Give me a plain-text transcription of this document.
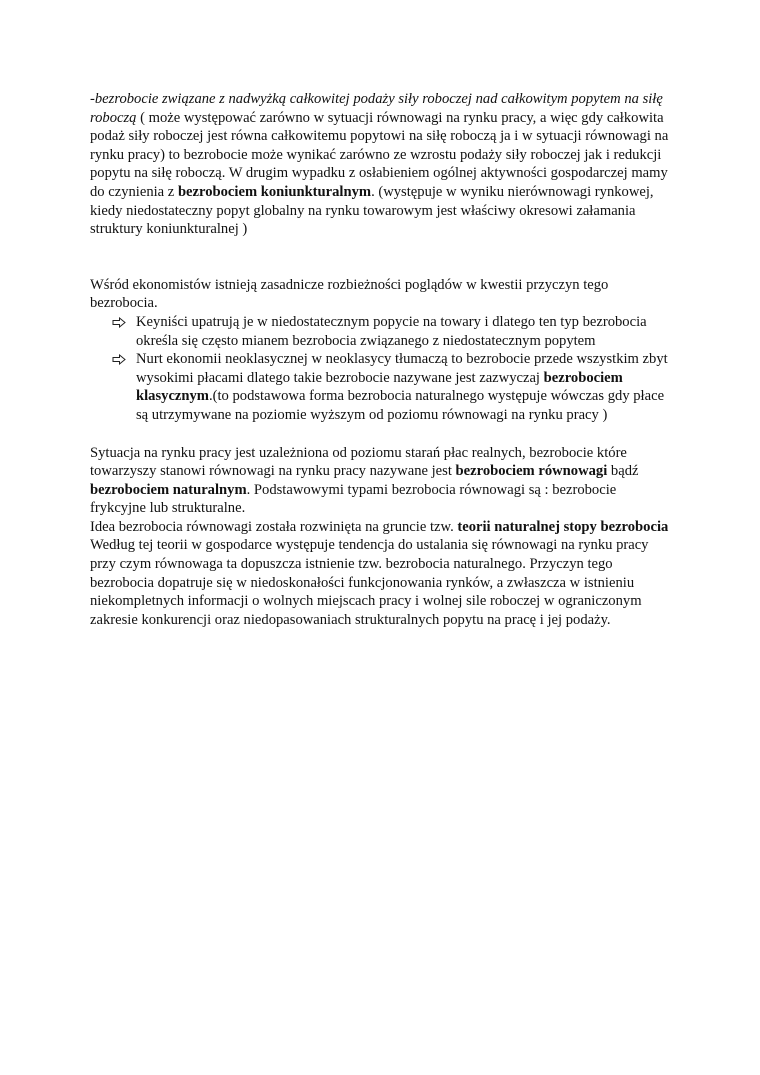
-bezrobocie związane z nadwyżką całkowitej podaży siły roboczej nad całkowitym popytem na siłę roboczą ( może występować zarówno w sytuacji równowagi na rynku pracy, a więc gdy całkowita podaż siły roboczej jest równa całkowitemu popytowi na siłę roboczą ja i w sytuacji równowagi na rynku pracy) to bezrobocie może wynikać zarówno ze wzrostu podaży siły roboczej jak i redukcji popytu na siłę roboczą. W drugim wypadku z osłabieniem ogólnej aktywności gospodarczej mamy do czynienia z bezrobociem koniunkturalnym. (występuje w wyniku nierównowagi rynkowej, kiedy niedostateczny popyt globalny na rynku towarowym jest właściwy okresowi załamania struktury koniunkturalnej )

Wśród ekonomistów istnieją zasadnicze rozbieżności poglądów w kwestii przyczyn tego bezrobocia.

Keyniści upatrują je w niedostatecznym popycie na towary i dlatego ten typ bezrobocia określa się często mianem bezrobocia związanego z niedostatecznym popytem
Nurt ekonomii neoklasycznej w neoklasycy tłumaczą to bezrobocie przede wszystkim zbyt wysokimi płacami dlatego takie bezrobocie nazywane jest zazwyczaj bezrobociem klasycznym.(to podstawowa forma bezrobocia naturalnego występuje wówczas gdy płace są utrzymywane na poziomie wyższym od poziomu równowagi na rynku pracy )

Sytuacja na rynku pracy jest uzależniona od poziomu starań płac realnych, bezrobocie które towarzyszy stanowi równowagi na rynku pracy nazywane jest bezrobociem równowagi bądź bezrobociem naturalnym. Podstawowymi typami bezrobocia równowagi są : bezrobocie frykcyjne lub strukturalne.

Idea bezrobocia równowagi została rozwinięta na gruncie tzw. teorii naturalnej stopy bezrobocia

Według tej teorii w gospodarce występuje tendencja do ustalania się równowagi na rynku pracy przy czym równowaga ta dopuszcza istnienie tzw. bezrobocia naturalnego. Przyczyn tego bezrobocia dopatruje się w niedoskonałości funkcjonowania rynków, a zwłaszcza w istnieniu niekompletnych informacji o wolnych miejscach pracy i wolnej sile roboczej w ograniczonym zakresie konkurencji oraz niedopasowaniach strukturalnych popytu na pracę i jej podaży.
